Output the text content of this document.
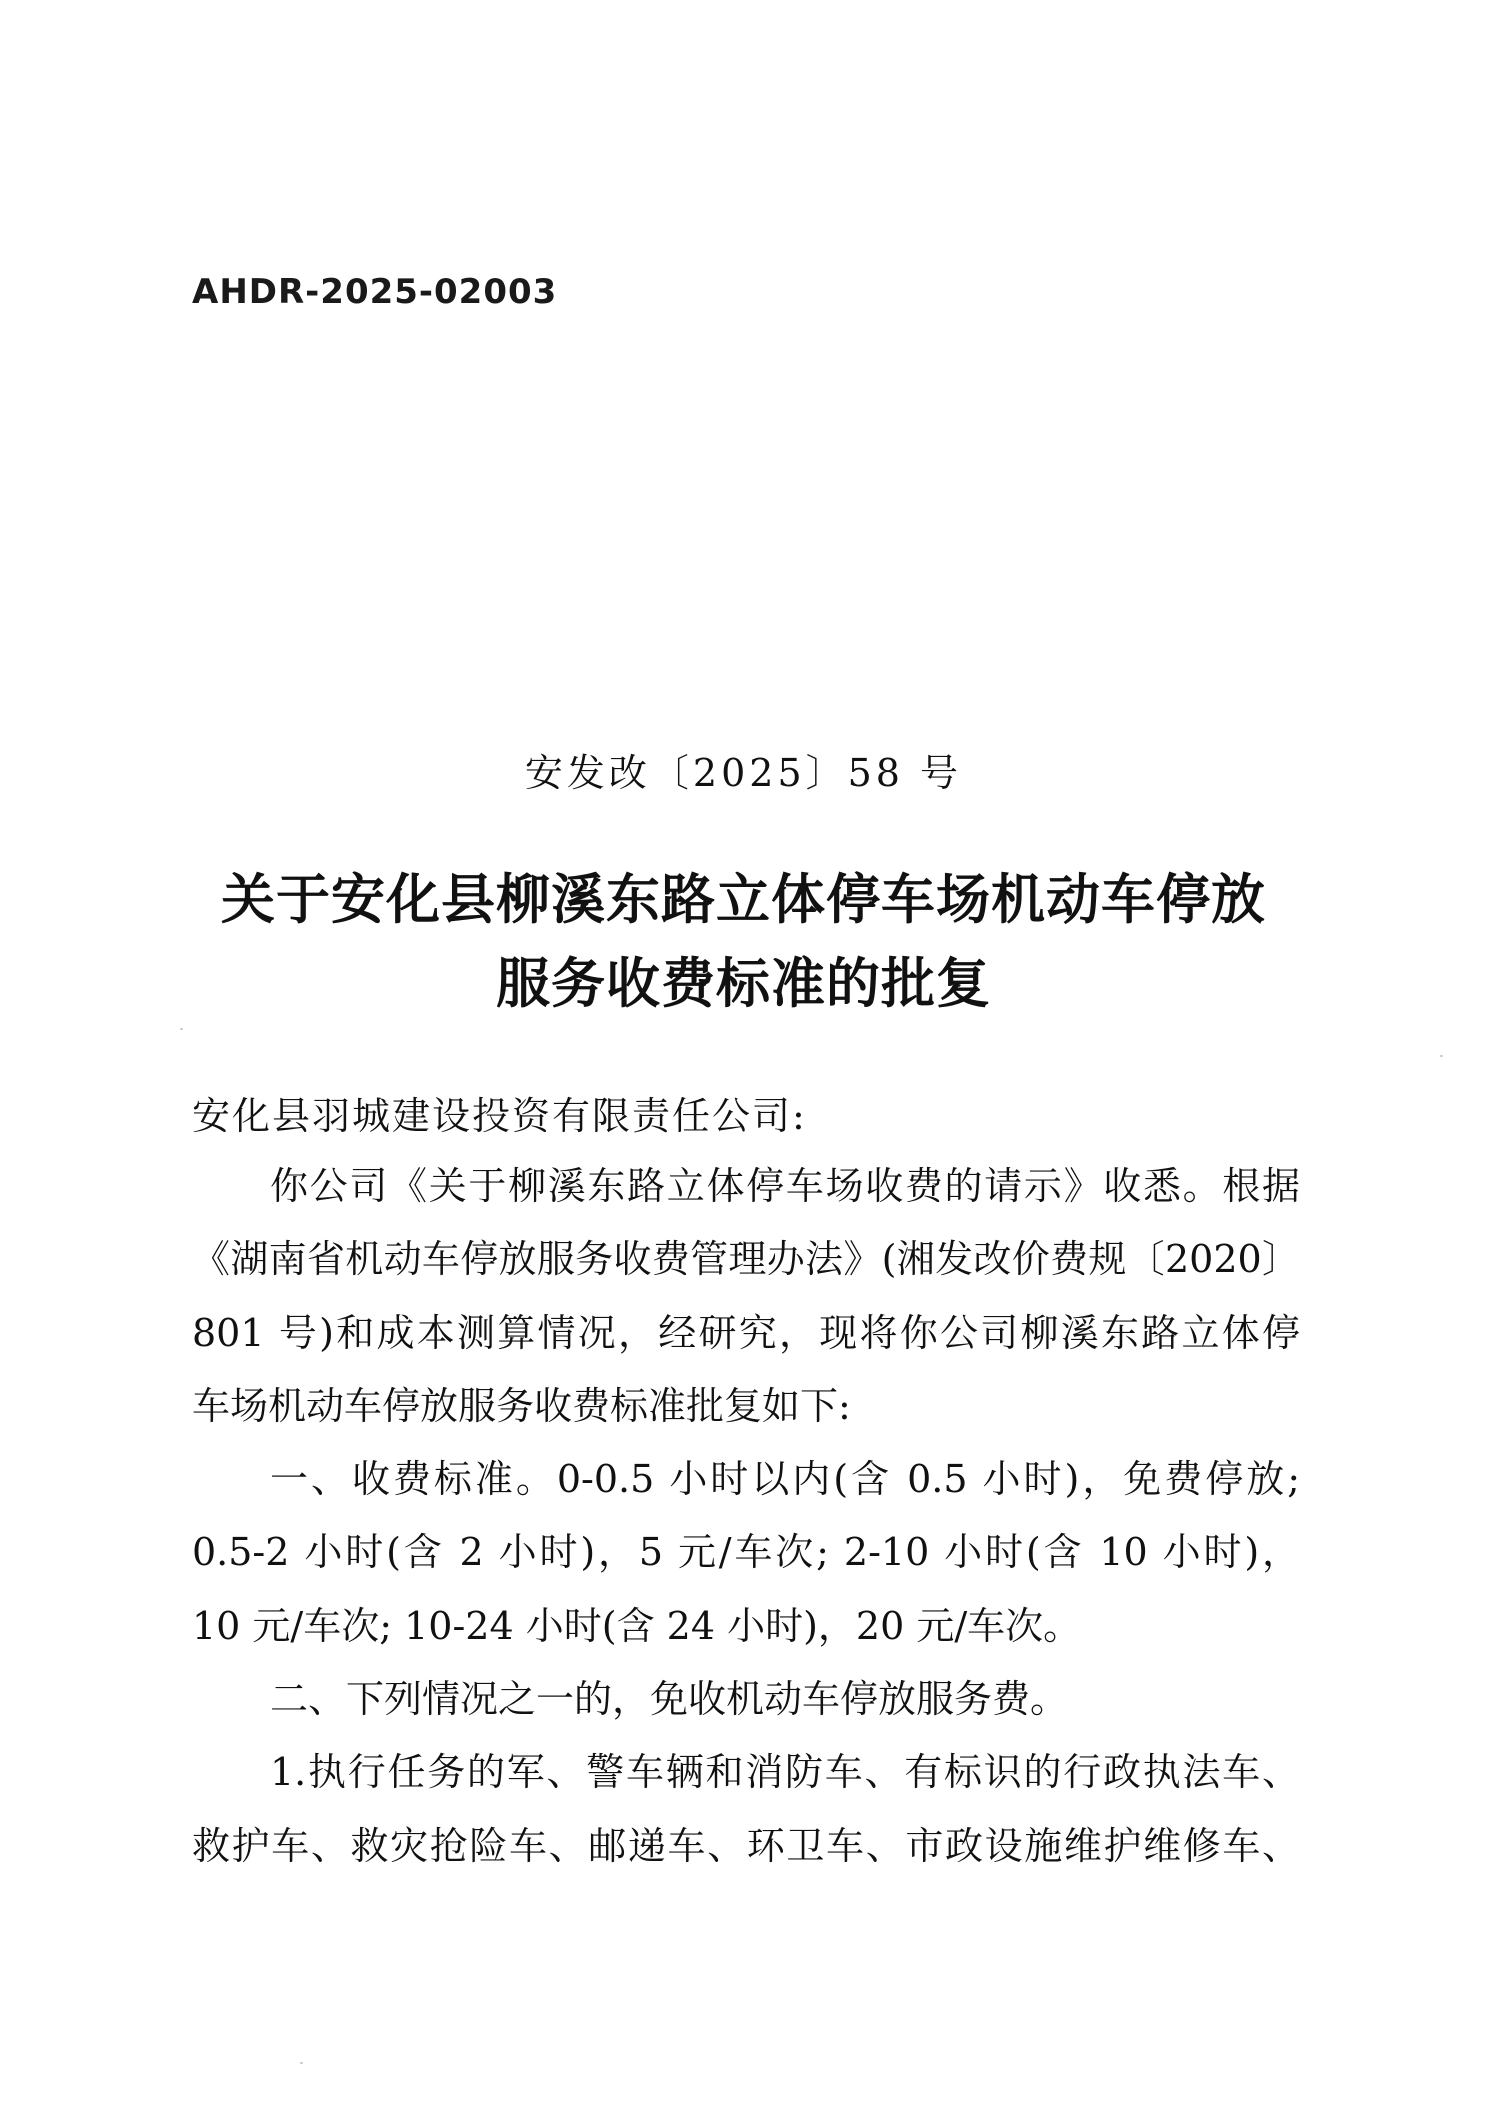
AHDR-2025-02003
安发改〔2025〕58 号
关于安化县柳溪东路立体停车场机动车停放
服务收费标准的批复
安化县羽城建设投资有限责任公司:
你公司《关于柳溪东路立体停车场收费的请示》收悉。根据
《湖南省机动车停放服务收费管理办法》(湘发改价费规〔2020〕
801 号)和成本测算情况，经研究，现将你公司柳溪东路立体停
车场机动车停放服务收费标准批复如下:
一、收费标准。0-0.5 小时以内(含 0.5 小时)，免费停放;
0.5-2 小时(含 2 小时)，5 元/车次; 2-10 小时(含 10 小时)，
10 元/车次; 10-24 小时(含 24 小时)，20 元/车次。
二、下列情况之一的，免收机动车停放服务费。
1.执行任务的军、警车辆和消防车、有标识的行政执法车、
救护车、救灾抢险车、邮递车、环卫车、市政设施维护维修车、
